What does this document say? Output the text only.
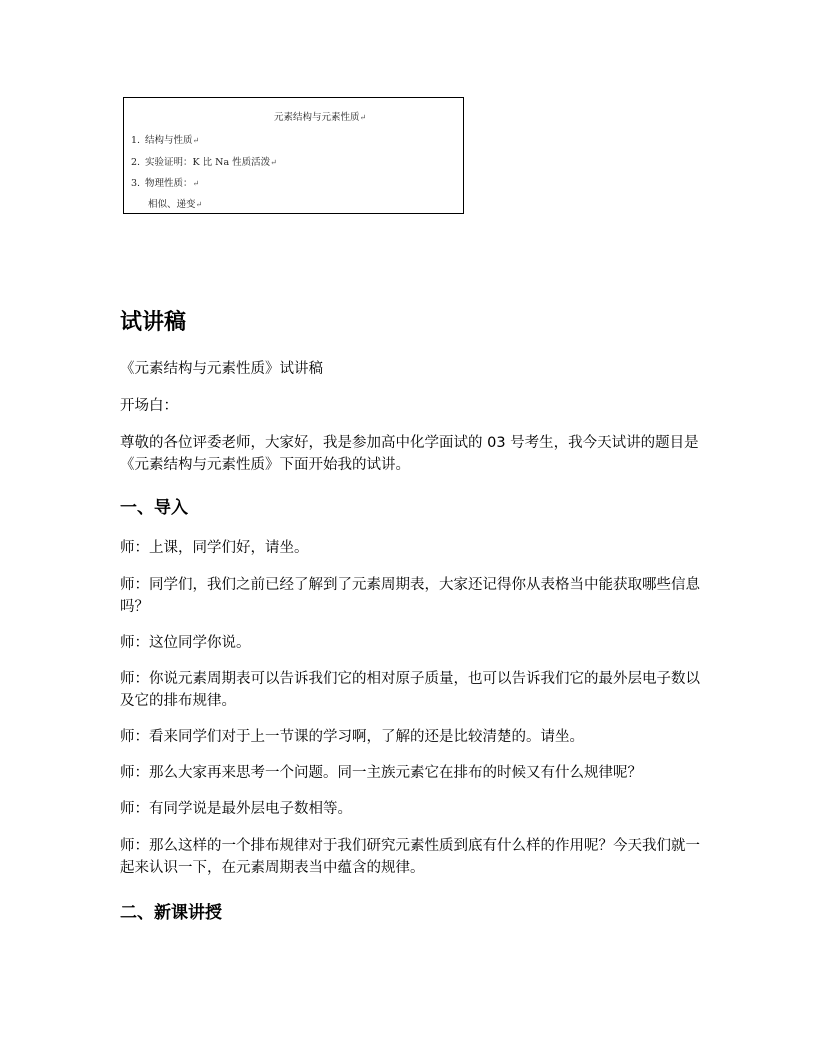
元素结构与元素性质↵
1. 结构与性质↵
2. 实验证明：K 比 Na 性质活泼↵
3. 物理性质：↵
相似、递变↵
试讲稿
《元素结构与元素性质》试讲稿
开场白：
尊敬的各位评委老师，大家好，我是参加高中化学面试的 03 号考生，我今天试讲的题目是《元素结构与元素性质》下面开始我的试讲。
一、导入
师：上课，同学们好，请坐。
师：同学们，我们之前已经了解到了元素周期表，大家还记得你从表格当中能获取哪些信息吗？
师：这位同学你说。
师：你说元素周期表可以告诉我们它的相对原子质量，也可以告诉我们它的最外层电子数以及它的排布规律。
师：看来同学们对于上一节课的学习啊，了解的还是比较清楚的。请坐。
师：那么大家再来思考一个问题。同一主族元素它在排布的时候又有什么规律呢？
师：有同学说是最外层电子数相等。
师：那么这样的一个排布规律对于我们研究元素性质到底有什么样的作用呢？今天我们就一起来认识一下，在元素周期表当中蕴含的规律。
二、新课讲授
